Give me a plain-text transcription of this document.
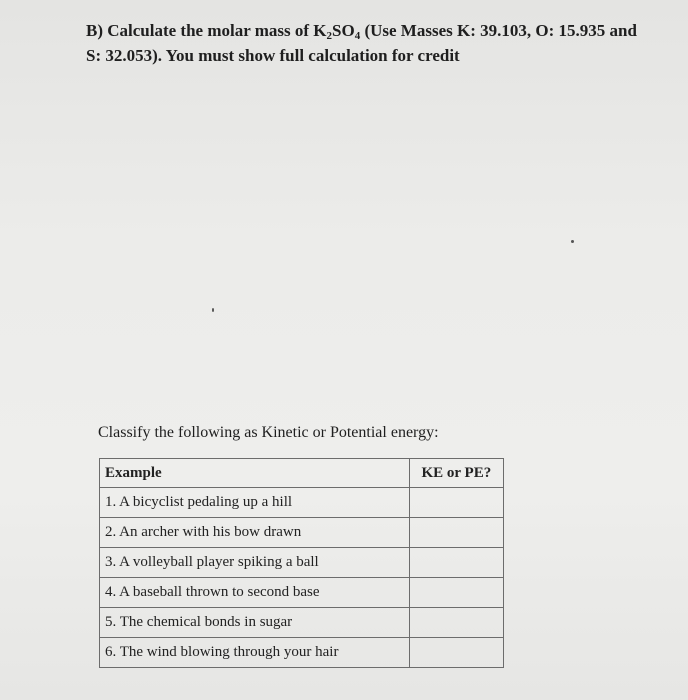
B) Calculate the molar mass of $K_2SO_4$ (Use Masses K: 39.103, O: 15.935 and S: 32.053). You must show full calculation for credit
Classify the following as Kinetic or Potential energy:
Example	KE or PE?
1. A bicyclist pedaling up a hill	
2. An archer with his bow drawn	
3. A volleyball player spiking a ball	
4. A baseball thrown to second base	
5. The chemical bonds in sugar	
6. The wind blowing through your hair	
